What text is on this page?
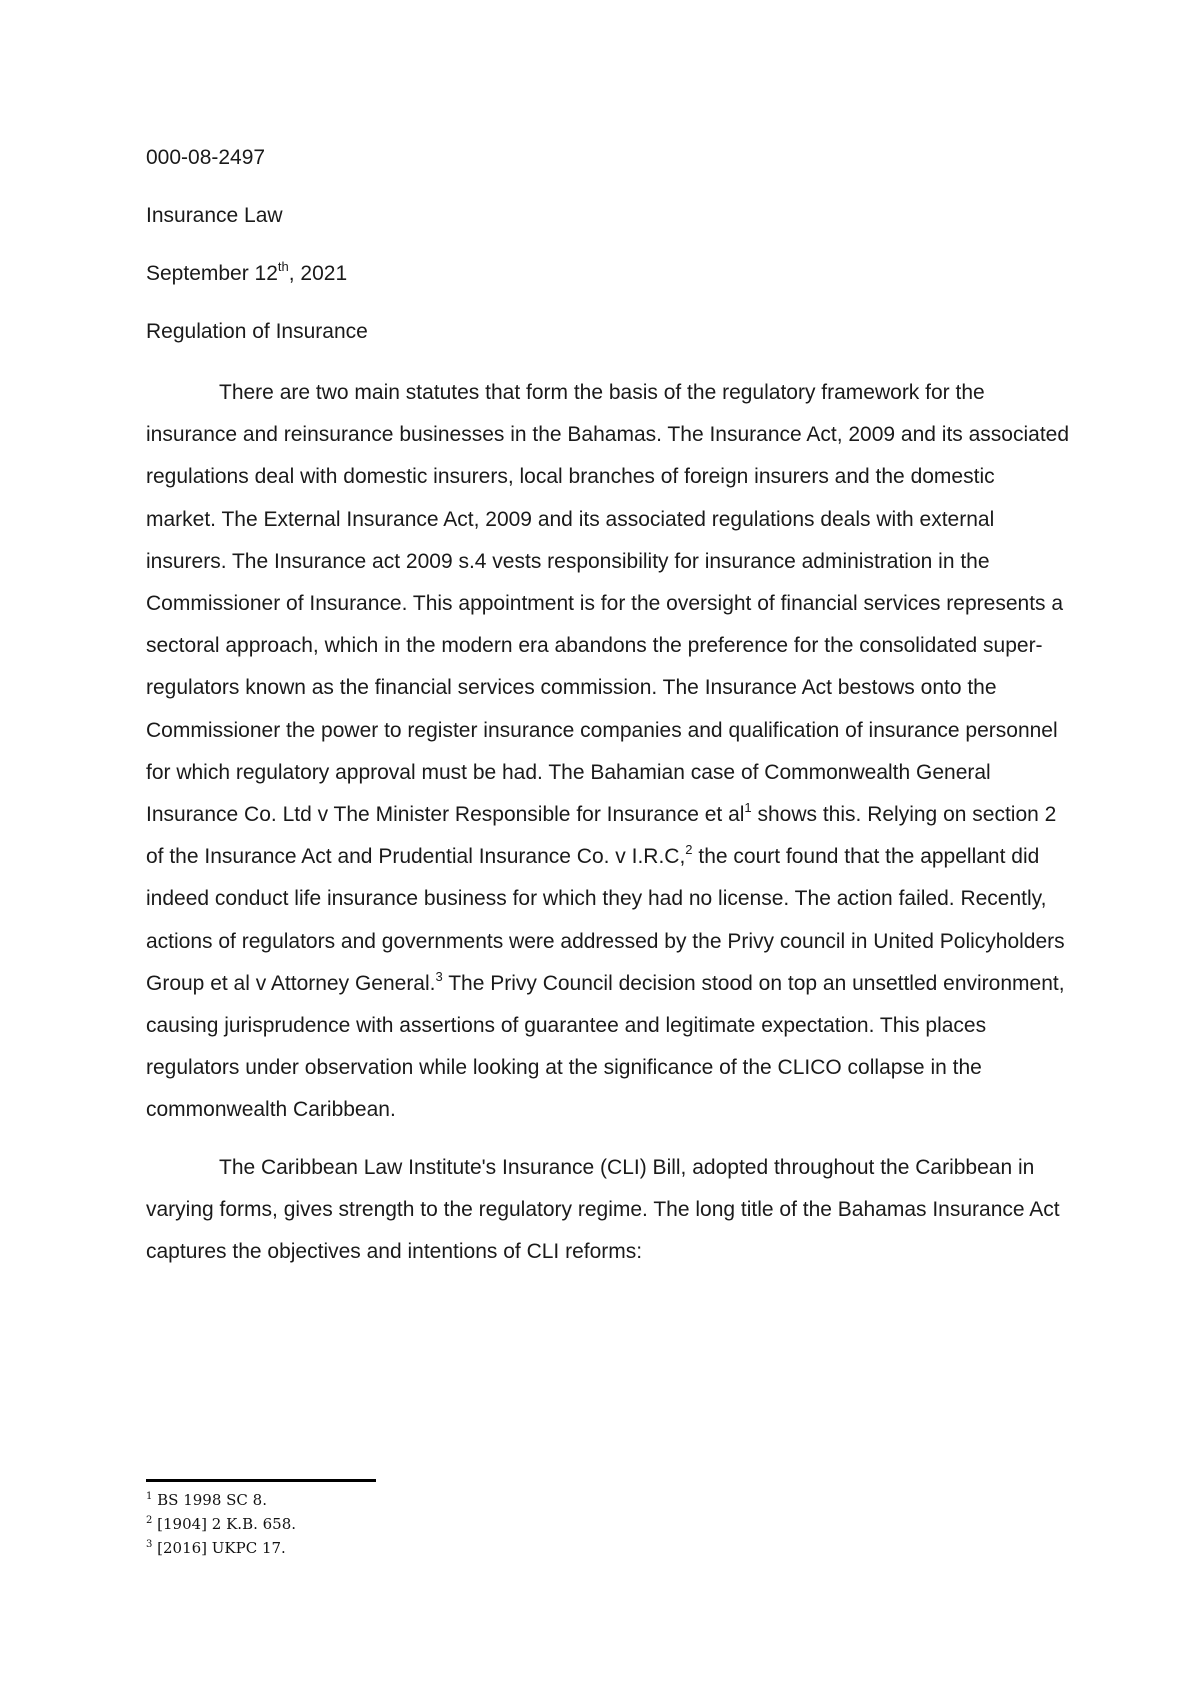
000-08-2497
Insurance Law
September 12th, 2021
Regulation of Insurance

There are two main statutes that form the basis of the regulatory framework for the insurance and reinsurance businesses in the Bahamas. The Insurance Act, 2009 and its associated regulations deal with domestic insurers, local branches of foreign insurers and the domestic market. The External Insurance Act, 2009 and its associated regulations deals with external insurers. The Insurance act 2009 s.4 vests responsibility for insurance administration in the Commissioner of Insurance. This appointment is for the oversight of financial services represents a sectoral approach, which in the modern era abandons the preference for the consolidated super-regulators known as the financial services commission. The Insurance Act bestows onto the Commissioner the power to register insurance companies and qualification of insurance personnel for which regulatory approval must be had. The Bahamian case of Commonwealth General Insurance Co. Ltd v The Minister Responsible for Insurance et $al^1$ shows this. Relying on section 2 of the Insurance Act and Prudential Insurance Co. v I.R.C,$^2$ the court found that the appellant did indeed conduct life insurance business for which they had no license. The action failed. Recently, actions of regulators and governments were addressed by the Privy council in United Policyholders Group et al v Attorney General.$^3$ The Privy Council decision stood on top an unsettled environment, causing jurisprudence with assertions of guarantee and legitimate expectation. This places regulators under observation while looking at the significance of the CLICO collapse in the commonwealth Caribbean.

The Caribbean Law Institute's Insurance (CLI) Bill, adopted throughout the Caribbean in varying forms, gives strength to the regulatory regime. The long title of the Bahamas Insurance Act captures the objectives and intentions of CLI reforms:

$^1$ BS 1998 SC 8.
$^2$ [1904] 2 K.B. 658.
$^3$ [2016] UKPC 17.
